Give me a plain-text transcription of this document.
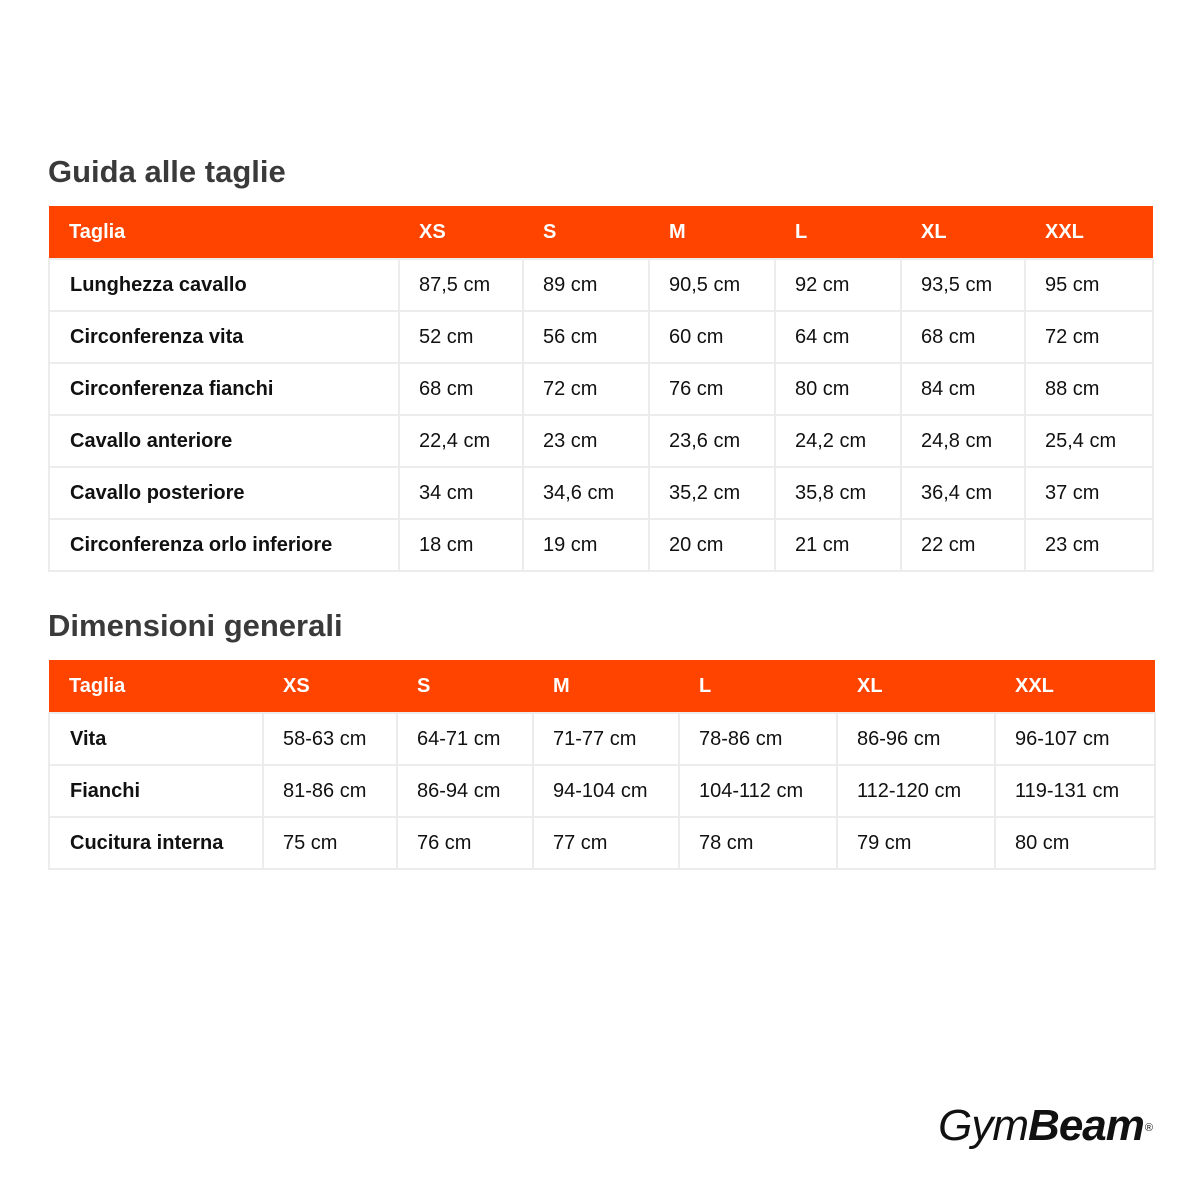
Guida alle taglie
Taglia	XS	S	M	L	XL	XXL
Lunghezza cavallo	87,5 cm	89 cm	90,5 cm	92 cm	93,5 cm	95 cm
Circonferenza vita	52 cm	56 cm	60 cm	64 cm	68 cm	72 cm
Circonferenza fianchi	68 cm	72 cm	76 cm	80 cm	84 cm	88 cm
Cavallo anteriore	22,4 cm	23 cm	23,6 cm	24,2 cm	24,8 cm	25,4 cm
Cavallo posteriore	34 cm	34,6 cm	35,2 cm	35,8 cm	36,4 cm	37 cm
Circonferenza orlo inferiore	18 cm	19 cm	20 cm	21 cm	22 cm	23 cm
Dimensioni generali
Taglia	XS	S	M	L	XL	XXL
Vita	58-63 cm	64-71 cm	71-77 cm	78-86 cm	86-96 cm	96-107 cm
Fianchi	81-86 cm	86-94 cm	94-104 cm	104-112 cm	112-120 cm	119-131 cm
Cucitura interna	75 cm	76 cm	77 cm	78 cm	79 cm	80 cm
GymBeam®
